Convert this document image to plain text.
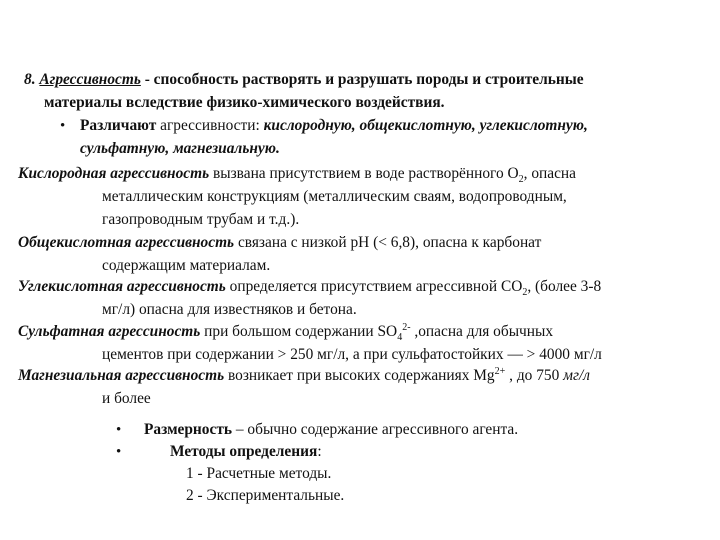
8. Агрессивность - способность растворять и разрушать породы и строительные
материалы вследствие физико-химического воздействия.
• Различают агрессивности: кислородную, общекислотную, углекислотную,
сульфатную, магнезиальную.
Кислородная агрессивность вызвана присутствием в воде растворённого $О_2$, опасна
металлическим конструкциям (металлическим сваям, водопроводным,
газопроводным трубам и т.д.).
Общекислотная агрессивность связана с низкой pH (< 6,8), опасна к карбонат
содержащим материалам.
Углекислотная агрессивность определяется присутствием агрессивной $СО_2$, (более 3-8
мг/л) опасна для известняков и бетона.
Сульфатная агрессиность при большом содержании $SO_4^{2-}$ ,опасна для обычных
цементов при содержании > 250 мг/л, а при сульфатостойких — > 4000 мг/л
Магнезиальная агрессивность возникает при высоких содержаниях $Mg^{2+}$ , до 750 мг/л
и более
• Размерность – обычно содержание агрессивного агента.
•	Методы определения:
1 - Расчетные методы.
2 - Экспериментальные.
